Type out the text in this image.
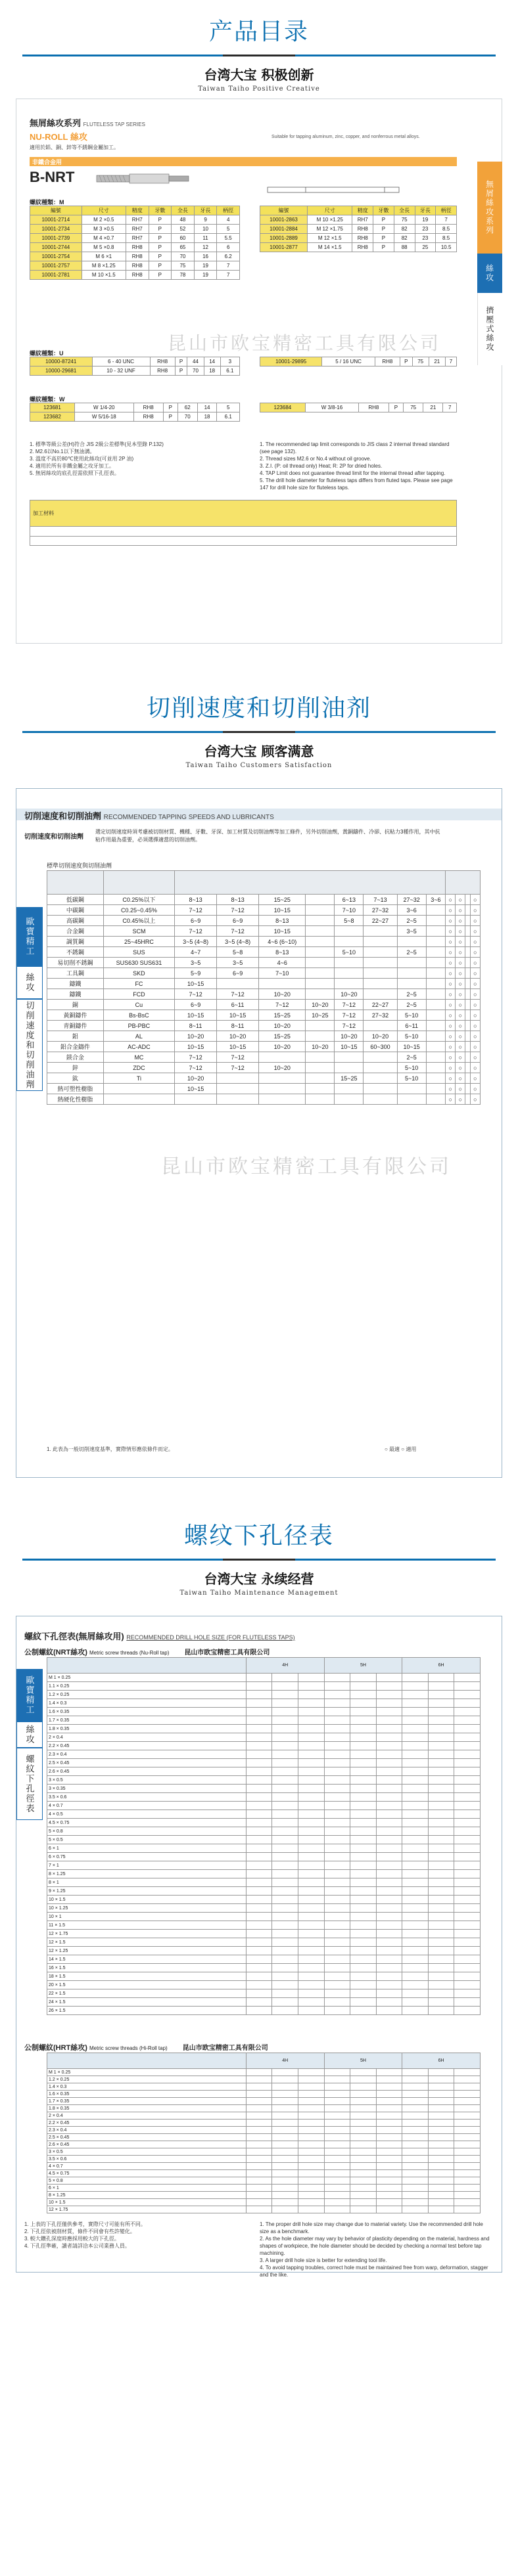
产品目录
台湾大宝 积极创新
Taiwan Taiho Positive Creative
無屑絲攻系列 FLUTELESS TAP SERIES
NU-ROLL 絲攻
適用於鋁、銅、鋅等不銹鋼金屬加工。
Suitable for tapping aluminum, zinc, copper, and nonferrous metal alloys.
非鐵合金用
B-NRT
螺紋種類：M
編號	尺寸	精度	牙數	全長	牙長	柄徑
10001-2714	M 2 ×0.5	RH7	P	48	9	4
10001-2734	M 3 ×0.5	RH7	P	52	10	5
10001-2739	M 4 ×0.7	RH7	P	60	11	5.5
10001-2744	M 5 ×0.8	RH8	P	65	12	6
10001-2754	M 6 ×1	RH8	P	70	16	6.2
10001-2757	M 8 ×1.25	RH8	P	75	19	7
10001-2781	M 10 ×1.5	RH8	P	78	19	7
編號	尺寸	精度	牙數	全長	牙長	柄徑
10001-2863	M 10 ×1.25	RH7	P	75	19	7
10001-2884	M 12 ×1.75	RH8	P	82	23	8.5
10001-2889	M 12 ×1.5	RH8	P	82	23	8.5
10001-2877	M 14 ×1.5	RH8	P	88	25	10.5
昆山市欧宝精密工具有限公司
螺紋種類：U
10000-87241	6 - 40 UNC	RH8	P	44	14	3
10000-29681	10 - 32 UNF	RH8	P	70	18	6.1
10001-29895	5 / 16 UNC	RH8	P	75	21	7
螺紋種類：W
123681	W 1/4-20	RH8	P	62	14	5
123682	W 5/16-18	RH8	P	70	18	6.1
123684	W 3/8-16	RH8	P	75	21	7
1. 標準等級公差(H)符合 JIS 2級公差標準(見本型錄 P.132)
2. M2.6以No.1以下無油溝。
3. 溫度不高於80℃使用此絲攻(可並用 2P 油)
4. 適用於所有非鐵金屬之攻牙加工。
5. 無屑絲攻的底孔徑需依照下孔徑表。
1. The recommended tap limit corresponds to JIS class 2 internal thread standard (see page 132).
2. Thread sizes M2.6 or No.4 without oil groove.
3. Z.I. (P: oil thread only) Heat; R: 2P for dried holes.
4. TAP Limit does not guarantee thread limit for the internal thread after tapping.
5. The drill hole diameter for fluteless taps differs from fluted taps. Please see page 147 for drill hole size for fluteless taps.
加工材料
無屑絲攻系列
絲攻
擠壓式絲攻
切削速度和切削油剂
台湾大宝 顾客满意
Taiwan Taiho Customers Satisfaction
切削速度和切削油劑 RECOMMENDED TAPPING SPEEDS AND LUBRICANTS
切削速度和切削油劑
選定切削速度時須考慮被切削材質、機種、牙數、牙深、加工材質及切削油劑等加工條件，另外切削油劑，黃銅鑄件、冷卻、抗粘力3種作用，其中抗粘作用最為重要，必須選擇適當的切削油劑。
標準切削速度與切削油劑

低碳鋼	C0.25%以下	8~13	8~13	15~25		6~13	7~13	27~32	3~6	○	○		○
中碳鋼	C0.25~0.45%	7~12	7~12	10~15		7~10	27~32	3~6		○	○		○
高碳鋼	C0.45%以上	6~9	6~9	8~13		5~8	22~27	2~5		○	○		○
合金鋼	SCM	7~12	7~12	10~15				3~5		○	○		○
調質鋼	25~45HRC	3~5 (4~8)	3~5 (4~8)	4~6 (6~10)						○	○		○
不銹鋼	SUS	4~7	5~8	8~13		5~10		2~5		○	○		○
易切削不銹鋼	SUS630 SUS631	3~5	3~5	4~6						○	○		○
工具鋼	SKD	5~9	6~9	7~10						○	○		○
鑄鐵	FC	10~15								○	○		○
鑄鐵	FCD	7~12	7~12	10~20		10~20		2~5		○	○		○
銅	Cu	6~9	6~11	7~12	10~20	7~12	22~27	2~5		○	○		○
黃銅鑄件	Bs-BsC	10~15	10~15	15~25	10~25	7~12	27~32	5~10		○	○		○
青銅鑄件	PB-PBC	8~11	8~11	10~20		7~12		6~11		○	○		○
鋁	AL	10~20	10~20	15~25		10~20	10~20	5~10		○	○		○
鋁合金鑄件	AC-ADC	10~15	10~15	10~20	10~20	10~15	60~300	10~15		○	○		○
鎂合金	MC	7~12	7~12					2~5		○	○		○
鋅	ZDC	7~12	7~12	10~20				5~10		○	○		○
鈦	Ti	10~20				15~25		5~10		○	○		○
熱可塑性樹脂		10~15								○	○		○
熱硬化性樹脂										○	○		○
昆山市欧宝精密工具有限公司
1. 此表為一般切削速度基準，實際情形應依條件而定。	○ 最適 ○ 適用
歐寶精工
絲攻
切削速度和切削油劑
螺纹下孔径表
台湾大宝 永续经营
Taiwan Taiho Maintenance Management
螺紋下孔徑表(無屑絲攻用) RECOMMENDED DRILL HOLE SIZE (FOR FLUTELESS TAPS)
公制螺紋(NRT絲攻) Metric screw threads (Nu-Roll tap) 昆山市欧宝精密工具有限公司
	4H			5H			6H		
M 1 × 0.25									
1.1 × 0.25									
1.2 × 0.25									
1.4 × 0.3									
1.6 × 0.35									
1.7 × 0.35									
1.8 × 0.35									
2 × 0.4									
2.2 × 0.45									
2.3 × 0.4									
2.5 × 0.45									
2.6 × 0.45									
3 × 0.5									
3 × 0.35									
3.5 × 0.6									
4 × 0.7									
4 × 0.5									
4.5 × 0.75									
5 × 0.8									
5 × 0.5									
6 × 1									
6 × 0.75									
7 × 1									
8 × 1.25									
8 × 1									
9 × 1.25									
10 × 1.5									
10 × 1.25									
10 × 1									
11 × 1.5									
12 × 1.75									
12 × 1.5									
12 × 1.25									
14 × 1.5									
16 × 1.5									
18 × 1.5									
20 × 1.5									
22 × 1.5									
24 × 1.5									
26 × 1.5									
公制螺紋(HRT絲攻) Metric screw threads (Hi-Roll tap) 昆山市欧宝精密工具有限公司
	4H			5H			6H		
M 1 × 0.25									
1.2 × 0.25									
1.4 × 0.3									
1.6 × 0.35									
1.7 × 0.35									
1.8 × 0.35									
2 × 0.4									
2.2 × 0.45									
2.3 × 0.4									
2.5 × 0.45									
2.6 × 0.45									
3 × 0.5									
3.5 × 0.6									
4 × 0.7									
4.5 × 0.75									
5 × 0.8									
6 × 1									
8 × 1.25									
10 × 1.5									
12 × 1.75									
1. 上表的下孔徑僅供參考，實際尺寸可能有所不同。
2. 下孔徑依被削材質，條件不同會有些許變化。
3. 較大鑽孔深度時應採用較大的下孔徑。
4. 下孔徑準確，讀者請詳洽本公司業務人員。
1. The proper drill hole size may change due to material variety. Use the recommended drill hole size as a benchmark.
2. As the hole diameter may vary by behavior of plasticity depending on the material, hardness and shapes of workpiece, the hole diameter should be decided by checking a normal test before tap machining.
3. A larger drill hole size is better for extending tool life.
4. To avoid tapping troubles, correct hole must be maintained free from warp, deformation, stagger and the like.
歐寶精工
絲攻
螺紋下孔徑表
